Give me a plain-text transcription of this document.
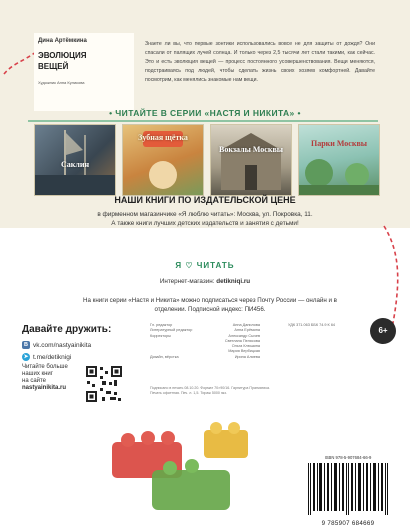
Дина Артёмкина
ЭВОЛЮЦИЯ
ВЕЩЕЙ
Художник Анна Куликова
Знаете ли вы, что первые зонтики использовались вовсе не для защиты от дождя? Они спасали от палящих лучей солнца. И только через 2,5 тысячи лет стали такими, как сейчас. Это и есть эволюция вещей — процесс постоянного усовершенствования. Вещи меняются, подстраиваясь под людей, чтобы сделать жизнь своих хозяев комфортней. Давайте посмотрим, как менялись знакомые нам вещи.
• ЧИТАЙТЕ В СЕРИИ «НАСТЯ И НИКИТА» •
Саклин
Зубная щётка
Вокзалы Москвы
Парки Москвы
НАШИ КНИГИ ПО ИЗДАТЕЛЬСКОЙ ЦЕНЕ
в фирменном магазинчике «Я люблю читать»: Москва, ул. Покровка, 11.
А также книги лучших детских издательств и занятия с детьми!
Я ♡ ЧИТАТЬ
Интернет-магазин: detikniqi.ru
На книги серии «Настя и Никита» можно подписаться через Почту России — онлайн и в отделении. Подписной индекс: ПИ456.
Давайте дружить:
B vk.com/nastyainikita
➤ t.me/detiknigi
Читайте больше
наших книг
на сайте
nastyainikita.ru
Гл. редактор	Анна Данилова
Литературный редактор	Анна Ерёмина
Корректоры	Александр Сычев
Светлана Пелясова
Ольга Клюшина
Мария Вербицкая
Дизайн, вёрстка	Ирина Алиева
Подписано в печать 08.10.20. Формат 70×90/16. Гарнитура Прагматика. Печать офсетная. Печ. л. 1,5. Тираж 5000 экз.
УДК 371.063 ББК 74.9 К 64
6+
ISBN 978-5-907684-66-9
9 785907 684669
